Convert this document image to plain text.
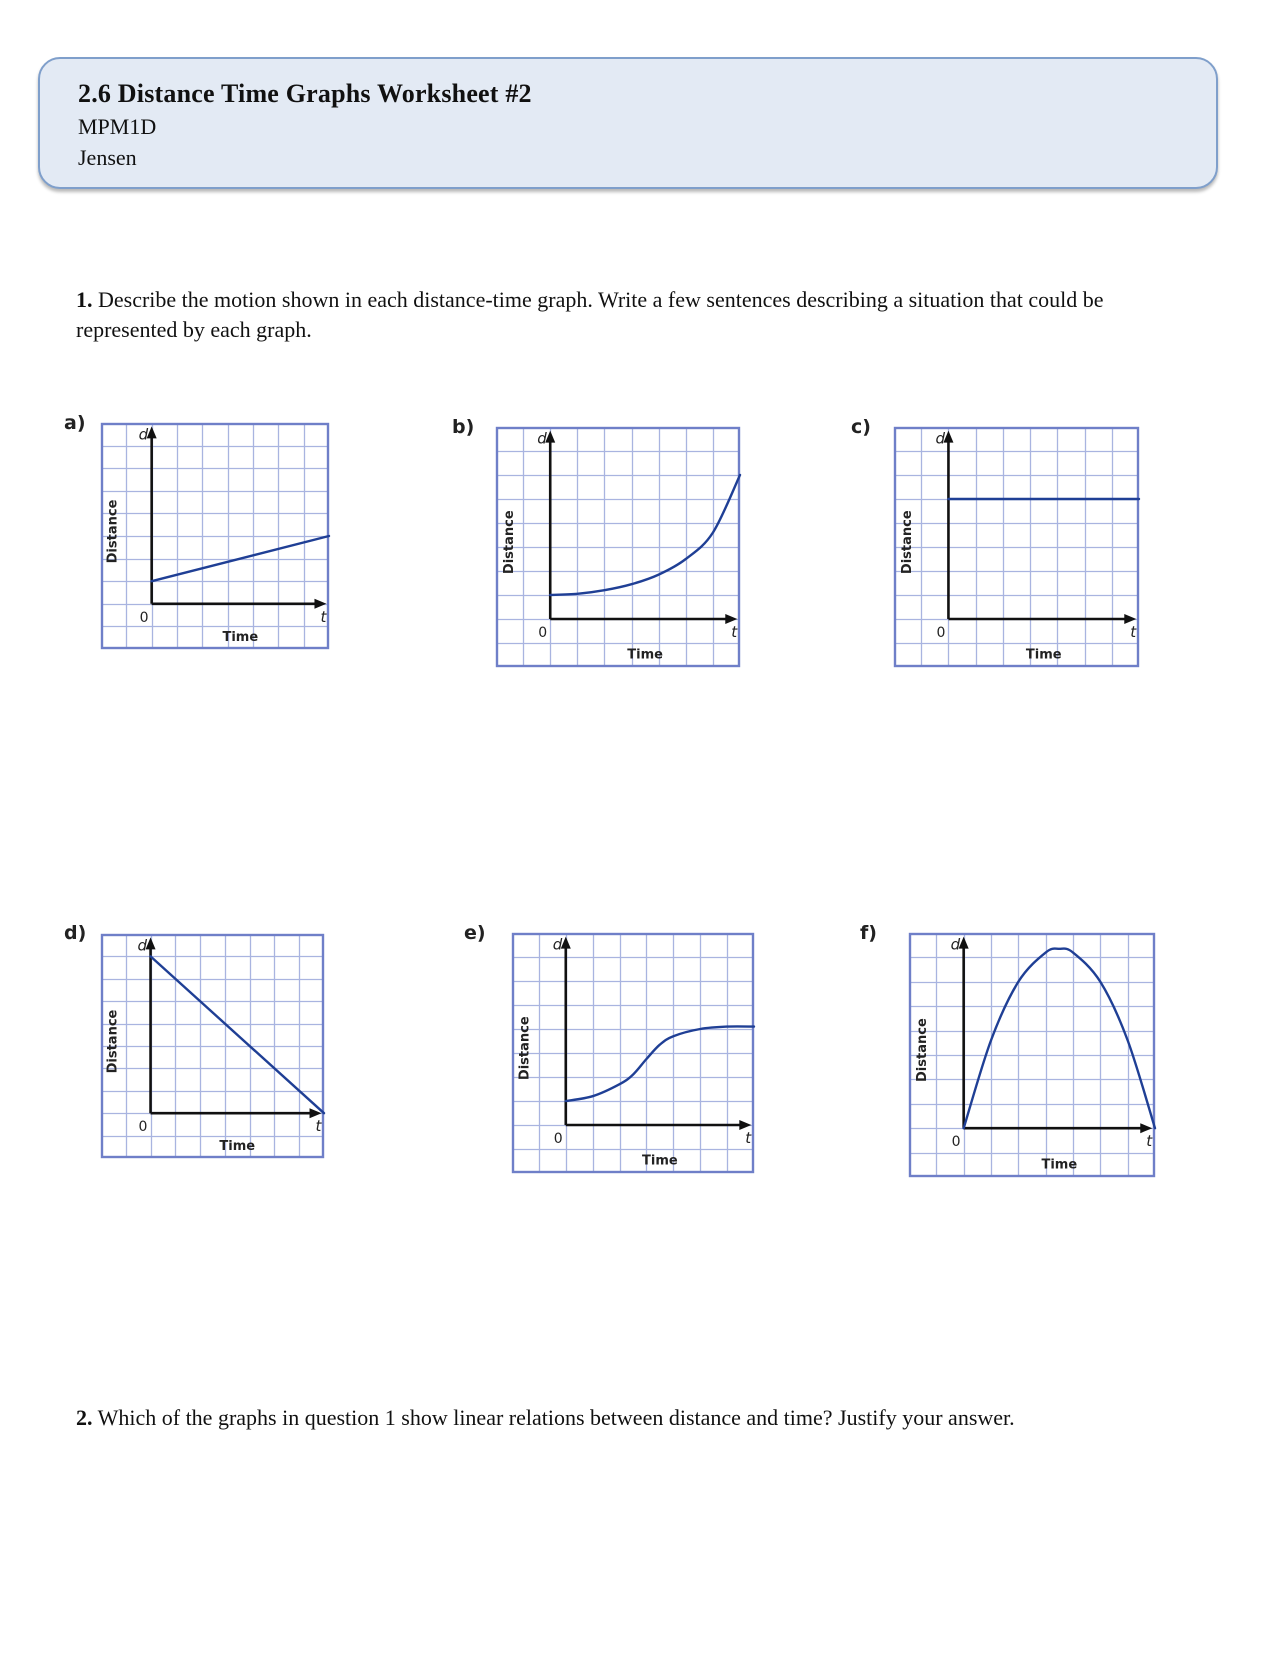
2.6 Distance Time Graphs Worksheet #2
MPM1D
Jensen
1. Describe the motion shown in each distance-time graph. Write a few sentences describing a situation that could be represented by each graph.
a)	b)	c)
d)	e)	f)
d
t
0
Time
Distance
d
t
0
Time
Distance
d
t
0
Time
Distance
d
t
0
Time
Distance
d
t
0
Time
Distance
d
t
0
Time
Distance
2. Which of the graphs in question 1 show linear relations between distance and time? Justify your answer.
